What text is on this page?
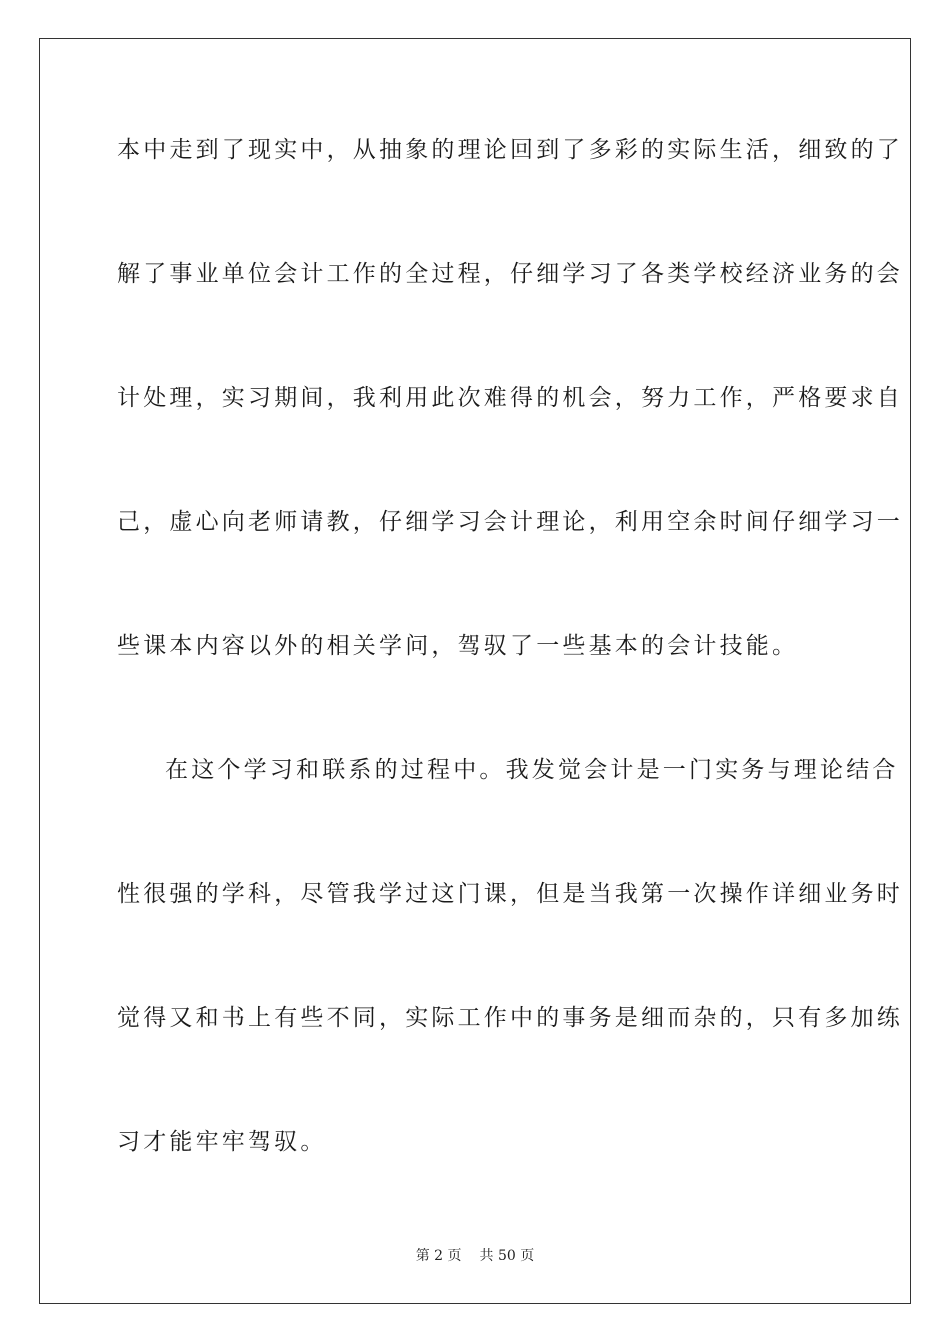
本中走到了现实中，从抽象的理论回到了多彩的实际生活，细致的了
解了事业单位会计工作的全过程，仔细学习了各类学校经济业务的会
计处理，实习期间，我利用此次难得的机会，努力工作，严格要求自
己，虚心向老师请教，仔细学习会计理论，利用空余时间仔细学习一
些课本内容以外的相关学问，驾驭了一些基本的会计技能。
在这个学习和联系的过程中。我发觉会计是一门实务与理论结合
性很强的学科，尽管我学过这门课，但是当我第一次操作详细业务时
觉得又和书上有些不同，实际工作中的事务是细而杂的，只有多加练
习才能牢牢驾驭。
第 2 页 共 50 页
